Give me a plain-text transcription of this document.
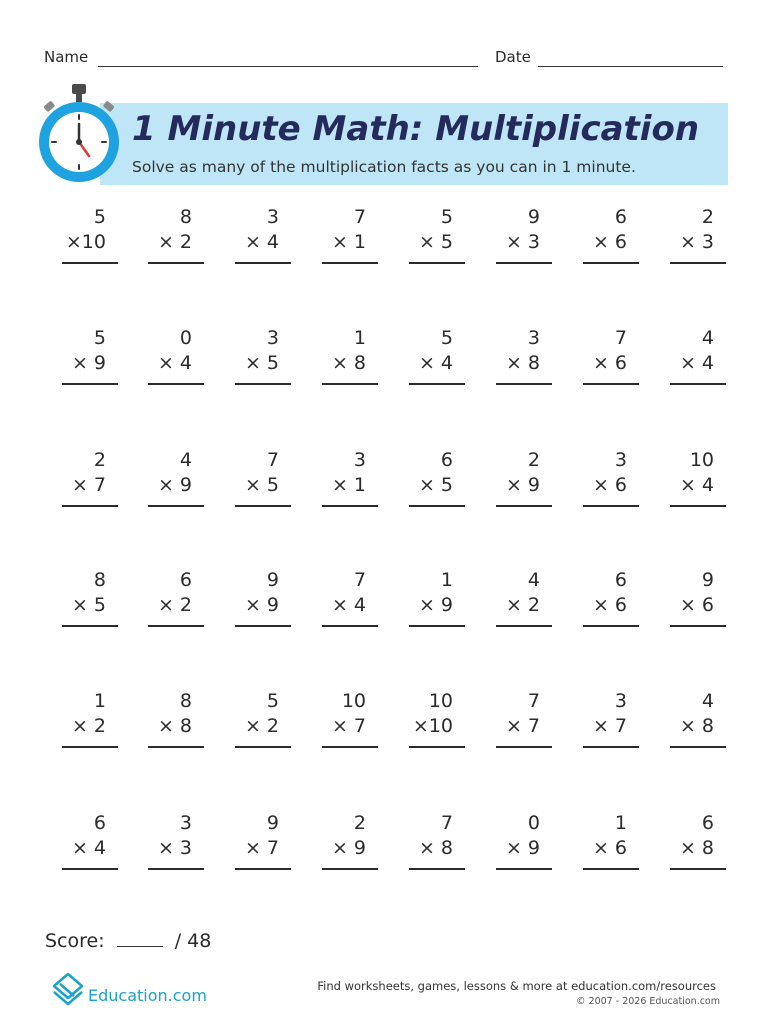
Name	Date
1 Minute Math: Multiplication
Solve as many of the multiplication facts as you can in 1 minute.
5
×10
8
× 2
3
× 4
7
× 1
5
× 5
9
× 3
6
× 6
2
× 3
5
× 9
0
× 4
3
× 5
1
× 8
5
× 4
3
× 8
7
× 6
4
× 4
2
× 7
4
× 9
7
× 5
3
× 1
6
× 5
2
× 9
3
× 6
10
× 4
8
× 5
6
× 2
9
× 9
7
× 4
1
× 9
4
× 2
6
× 6
9
× 6
1
× 2
8
× 8
5
× 2
10
× 7
10
×10
7
× 7
3
× 7
4
× 8
6
× 4
3
× 3
9
× 7
2
× 9
7
× 8
0
× 9
1
× 6
6
× 8
Score:	/ 48
Education.com	Find worksheets, games, lessons & more at education.com/resources
© 2007 - 2026 Education.com
